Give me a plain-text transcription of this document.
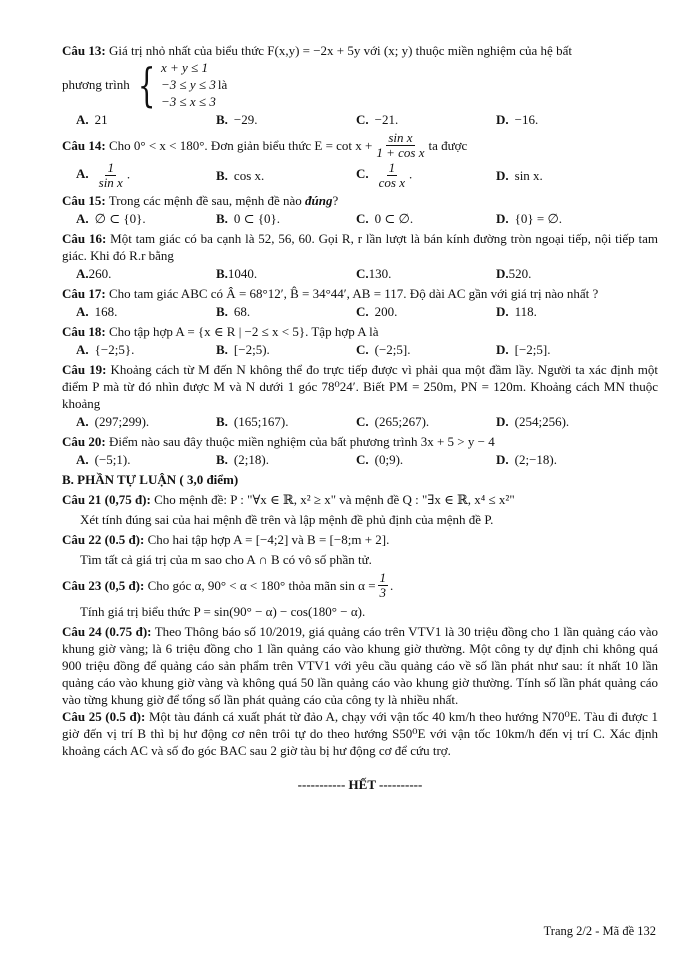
Câu 13: Giá trị nhỏ nhất của biểu thức F(x,y) = −2x + 5y với (x; y) thuộc miền nghiệm của hệ bất

phương trình { x + y ≤ 1
−3 ≤ y ≤ 3
−3 ≤ x ≤ 3
là
A. 21	B. −29.	C. −21.	D. −16.

Câu 14: Cho 0° < x < 180°. Đơn giản biểu thức $E = \cot x + \frac{\text{sin x}}{\text{1 + cos x}}$ ta được

A. $\frac{1}{\text{sin x}}$ .	B. cos x.	C. $\frac{1}{\text{cos x}}$ .	D. sin x.

Câu 15: Trong các mệnh đề sau, mệnh đề nào đúng?

A. ∅ ⊂ {0}.	B. 0 ⊂ {0}.	C. 0 ⊂ ∅.	D. {0} = ∅.

Câu 16: Một tam giác có ba cạnh là 52, 56, 60. Gọi R, r lần lượt là bán kính đường tròn ngoại tiếp, nội tiếp tam giác. Khi đó R.r bằng

A.260.	B.1040.	C.130.	D.520.

Câu 17: Cho tam giác ABC có Â = 68°12′, B̂ = 34°44′, AB = 117. Độ dài AC gần với giá trị nào nhất ?

A. 168.	B. 68.	C. 200.	D. 118.

Câu 18: Cho tập hợp A = {x ∈ R | −2 ≤ x < 5}. Tập hợp A là

A. {−2;5}.	B. [−2;5).	C. (−2;5].	D. [−2;5].

Câu 19: Khoảng cách từ M đến N không thể đo trực tiếp được vì phải qua một đầm lầy. Người ta xác định một điểm P mà từ đó nhìn được M và N dưới 1 góc 78⁰24′. Biết PM = 250m, PN = 120m. Khoảng cách MN thuộc khoảng

A. (297;299).	B. (165;167).	C. (265;267).	D. (254;256).

Câu 20: Điểm nào sau đây thuộc miền nghiệm của bất phương trình 3x + 5 > y − 4

A. (−5;1).	B. (2;18).	C. (0;9).	D. (2;−18).
B. PHẦN TỰ LUẬN ( 3,0 điểm)

Câu 21 (0,75 đ): Cho mệnh đề: P : "∀x ∈ ℝ, x² ≥ x" và mệnh đề Q : "∃x ∈ ℝ, x⁴ ≤ x²"

Xét tính đúng sai của hai mệnh đề trên và lập mệnh đề phủ định của mệnh đề P.

Câu 22 (0.5 đ): Cho hai tập hợp A = [−4;2] và B = [−8;m + 2].

Tìm tất cả giá trị của m sao cho A ∩ B có vô số phần tử.

Câu 23 (0,5 đ): Cho góc α, 90° < α < 180° thỏa mãn $\sin \alpha = \frac{1}{3}$ .

Tính giá trị biểu thức P = sin(90° − α) − cos(180° − α).

Câu 24 (0.75 đ): Theo Thông báo số 10/2019, giá quảng cáo trên VTV1 là 30 triệu đồng cho 1 lần quảng cáo vào khung giờ vàng; là 6 triệu đồng cho 1 lần quảng cáo vào khung giờ thường. Một công ty dự định chi không quá 900 triệu đồng để quảng cáo sản phẩm trên VTV1 với yêu cầu quảng cáo về số lần phát như sau: ít nhất 10 lần quảng cáo vào khung giờ vàng và không quá 50 lần quảng cáo vào khung giờ thường. Tính số lần phát quảng cáo vào từng khung giờ để tổng số lần phát quảng cáo của công ty là nhiều nhất.

Câu 25 (0.5 đ): Một tàu đánh cá xuất phát từ đảo A, chạy với vận tốc 40 km/h theo hướng N70⁰E. Tàu đi được 1 giờ đến vị trí B thì bị hư động cơ nên trôi tự do theo hướng S50⁰E với vận tốc 10km/h đến vị trí C. Xác định khoảng cách AC và số đo góc BAC sau 2 giờ tàu bị hư động cơ để cứu trợ.

----------- HẾT ----------
Trang 2/2 - Mã đề 132
